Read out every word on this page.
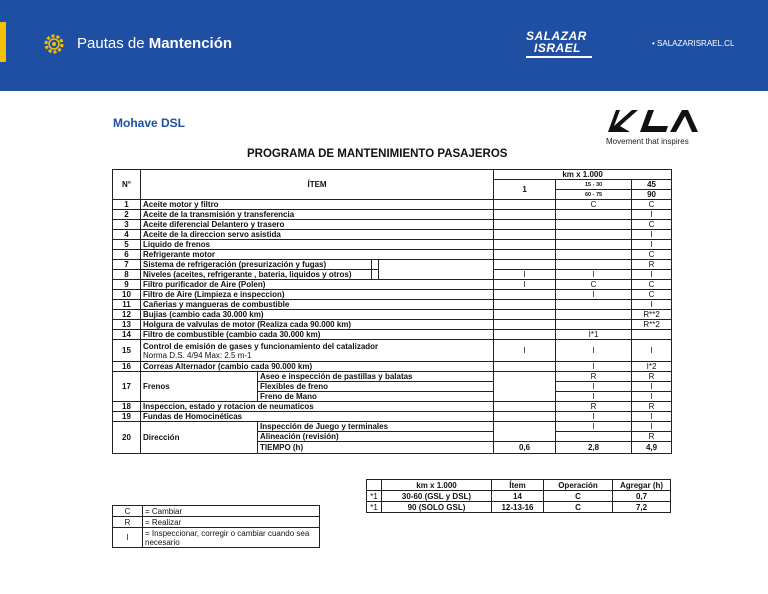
Pautas de Mantención	SALAZAR
ISRAEL	• SALAZARISRAEL.CL
Mohave DSL
Movement that inspires
PROGRAMA DE MANTENIMIENTO PASAJEROS
N°	ÍTEM				km x 1.000		
					1	15 - 30	45
						60 - 75	90
1	Aceite motor y filtro					C	C
2	Aceite de la transmisión y transferencia						I
3	Aceite diferencial Delantero y trasero						C
4	Aceite de la direccion servo asistida						I
5	Liquido de frenos						I
6	Refrigerante motor						C
7	Sistema de refrigeración (presurización y fugas)						R
8	Niveles (aceites, refrigerante , bateria, liquidos y otros)				I	I	I
9	Filtro purificador de Aire (Polen)				I	C	C
10	Filtro de Aire (Limpieza e inspeccion)					I	C
11	Cañerias y mangueras de combustible						I
12	Bujias (cambio cada 30.000 km)						R**2
13	Holgura de valvulas de motor (Realiza cada 90.000 km)						R**2
14	Filtro de combustible (cambio cada 30.000 km)					I*1	
15	Control de emisión de gases y funcionamiento del catalizador
Norma D.S. 4/94 Max: 2.5 m-1				I	I	I
16	Correas Alternador (cambio cada 90.000 km)					I	I*2
17	Frenos	Aseo e inspección de pastillas y balatas				R	R
		Flexibles de freno				I	I
		Freno de Mano				I	I
18	Inspeccion, estado y rotacion de neumaticos					R	R
19	Fundas de Homocinéticas					I	I
20	Dirección	Inspección de Juego y terminales				I	I
		Alineación (revisión)					R
		TIEMPO (h)			0,6	2,8	4,9
	km x 1.000	Ítem	Operación	Agregar (h)
*1	30-60 (GSL y DSL)	14	C	0,7
*1	90 (SOLO GSL)	12-13-16	C	7,2
C	= Cambiar
R	= Realizar
I	= Inspeccionar, corregir o cambiar cuando sea necesario
